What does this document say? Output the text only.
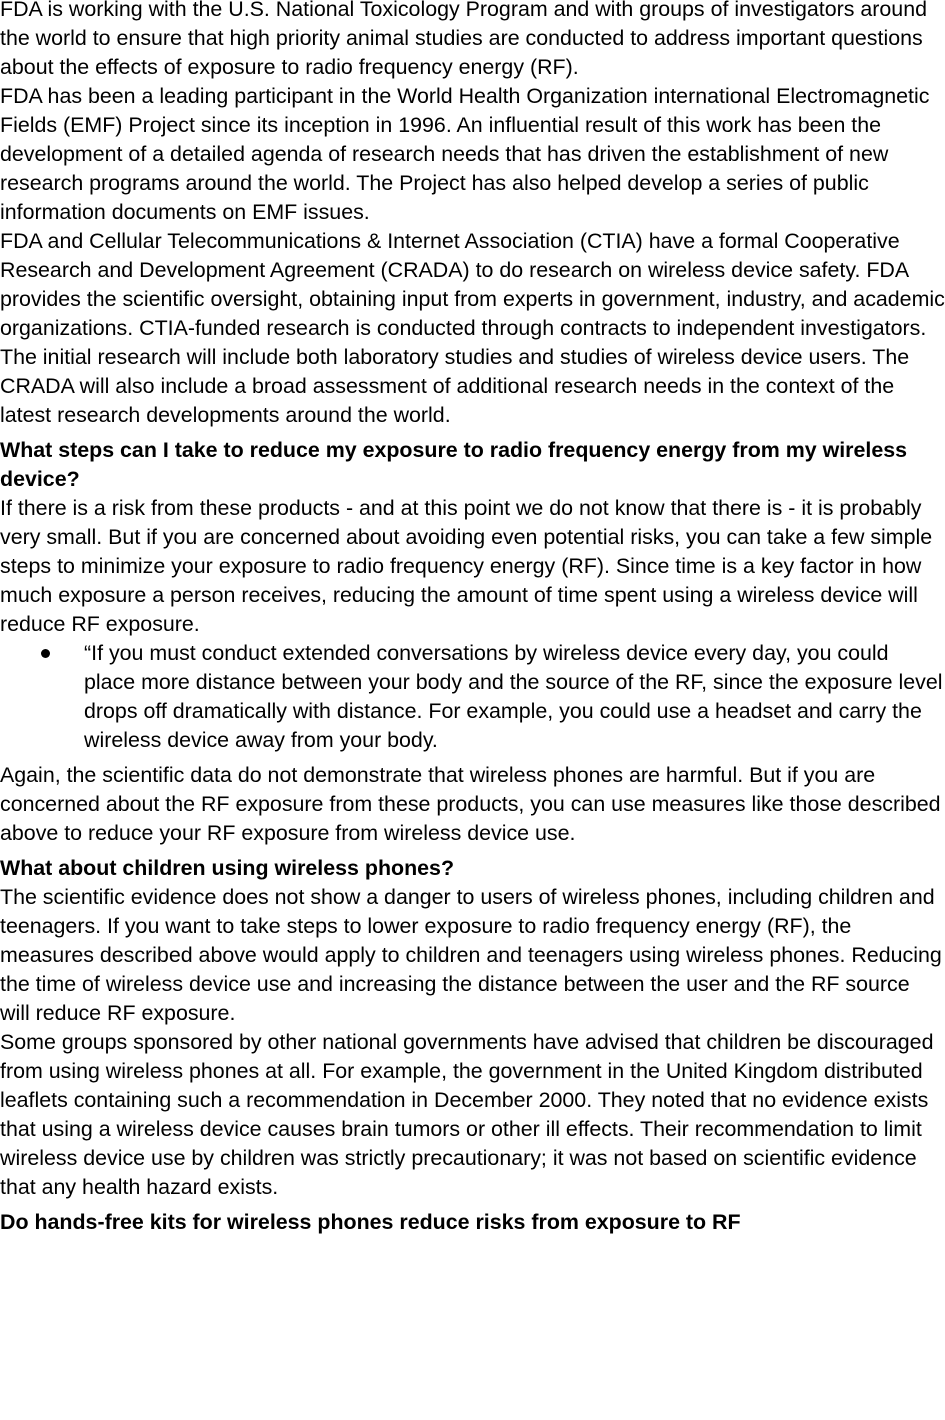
FDA is working with the U.S. National Toxicology Program and with groups of investigators around the world to ensure that high priority animal studies are conducted to address important questions about the effects of exposure to radio frequency energy (RF).

FDA has been a leading participant in the World Health Organization international Electromagnetic Fields (EMF) Project since its inception in 1996. An influential result of this work has been the development of a detailed agenda of research needs that has driven the establishment of new research programs around the world. The Project has also helped develop a series of public information documents on EMF issues.

FDA and Cellular Telecommunications & Internet Association (CTIA) have a formal Cooperative Research and Development Agreement (CRADA) to do research on wireless device safety. FDA provides the scientific oversight, obtaining input from experts in government, industry, and academic organizations. CTIA-funded research is conducted through contracts to independent investigators. The initial research will include both laboratory studies and studies of wireless device users. The CRADA will also include a broad assessment of additional research needs in the context of the latest research developments around the world.

What steps can I take to reduce my exposure to radio frequency energy from my wireless device?

If there is a risk from these products - and at this point we do not know that there is - it is probably very small. But if you are concerned about avoiding even potential risks, you can take a few simple steps to minimize your exposure to radio frequency energy (RF). Since time is a key factor in how much exposure a person receives, reducing the amount of time spent using a wireless device will reduce RF exposure.

“If you must conduct extended conversations by wireless device every day, you could place more distance between your body and the source of the RF, since the exposure level drops off dramatically with distance. For example, you could use a headset and carry the wireless device away from your body.

Again, the scientific data do not demonstrate that wireless phones are harmful. But if you are concerned about the RF exposure from these products, you can use measures like those described above to reduce your RF exposure from wireless device use.

What about children using wireless phones?

The scientific evidence does not show a danger to users of wireless phones, including children and teenagers. If you want to take steps to lower exposure to radio frequency energy (RF), the measures described above would apply to children and teenagers using wireless phones. Reducing the time of wireless device use and increasing the distance between the user and the RF source will reduce RF exposure.

Some groups sponsored by other national governments have advised that children be discouraged from using wireless phones at all. For example, the government in the United Kingdom distributed leaflets containing such a recommendation in December 2000. They noted that no evidence exists that using a wireless device causes brain tumors or other ill effects. Their recommendation to limit wireless device use by children was strictly precautionary; it was not based on scientific evidence that any health hazard exists.

Do hands-free kits for wireless phones reduce risks from exposure to RF
